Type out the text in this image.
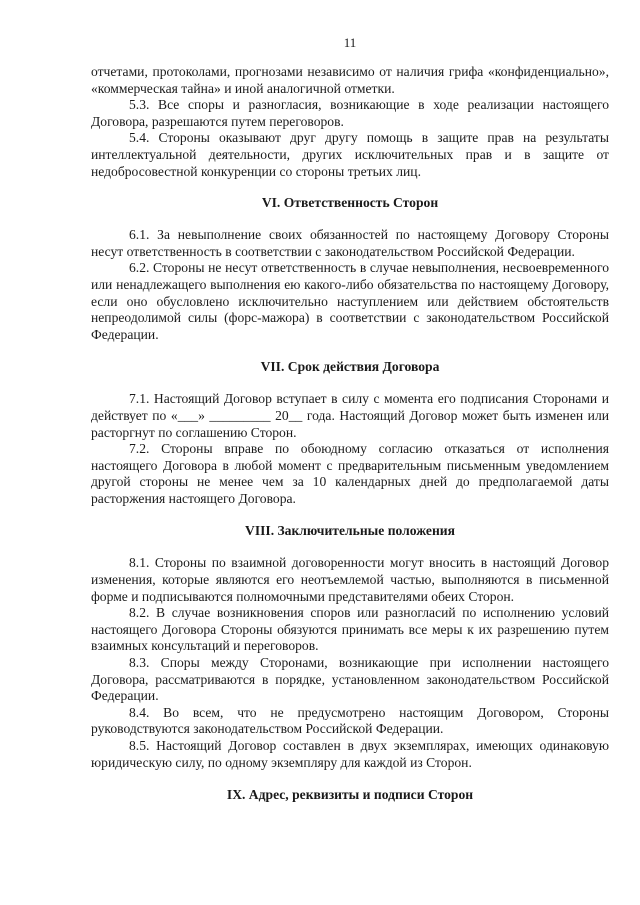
11

отчетами, протоколами, прогнозами независимо от наличия грифа «конфиденциально», «коммерческая тайна» и иной аналогичной отметки.

5.3. Все споры и разногласия, возникающие в ходе реализации настоящего Договора, разрешаются путем переговоров.

5.4. Стороны оказывают друг другу помощь в защите прав на результаты интеллектуальной деятельности, других исключительных прав и в защите от недобросовестной конкуренции со стороны третьих лиц.

VI. Ответственность Сторон

6.1. За невыполнение своих обязанностей по настоящему Договору Стороны несут ответственность в соответствии с законодательством Российской Федерации.

6.2. Стороны не несут ответственность в случае невыполнения, несвоевременного или ненадлежащего выполнения ею какого-либо обязательства по настоящему Договору, если оно обусловлено исключительно наступлением или действием обстоятельств непреодолимой силы (форс-мажора) в соответствии с законодательством Российской Федерации.

VII. Срок действия Договора

7.1. Настоящий Договор вступает в силу с момента его подписания Сторонами и действует по «___» _________ 20__ года. Настоящий Договор может быть изменен или расторгнут по соглашению Сторон.

7.2. Стороны вправе по обоюдному согласию отказаться от исполнения настоящего Договора в любой момент с предварительным письменным уведомлением другой стороны не менее чем за 10 календарных дней до предполагаемой даты расторжения настоящего Договора.

VIII. Заключительные положения

8.1. Стороны по взаимной договоренности могут вносить в настоящий Договор изменения, которые являются его неотъемлемой частью, выполняются в письменной форме и подписываются полномочными представителями обеих Сторон.

8.2. В случае возникновения споров или разногласий по исполнению условий настоящего Договора Стороны обязуются принимать все меры к их разрешению путем взаимных консультаций и переговоров.

8.3. Споры между Сторонами, возникающие при исполнении настоящего Договора, рассматриваются в порядке, установленном законодательством Российской Федерации.

8.4. Во всем, что не предусмотрено настоящим Договором, Стороны руководствуются законодательством Российской Федерации.

8.5. Настоящий Договор составлен в двух экземплярах, имеющих одинаковую юридическую силу, по одному экземпляру для каждой из Сторон.

IX. Адрес, реквизиты и подписи Сторон
